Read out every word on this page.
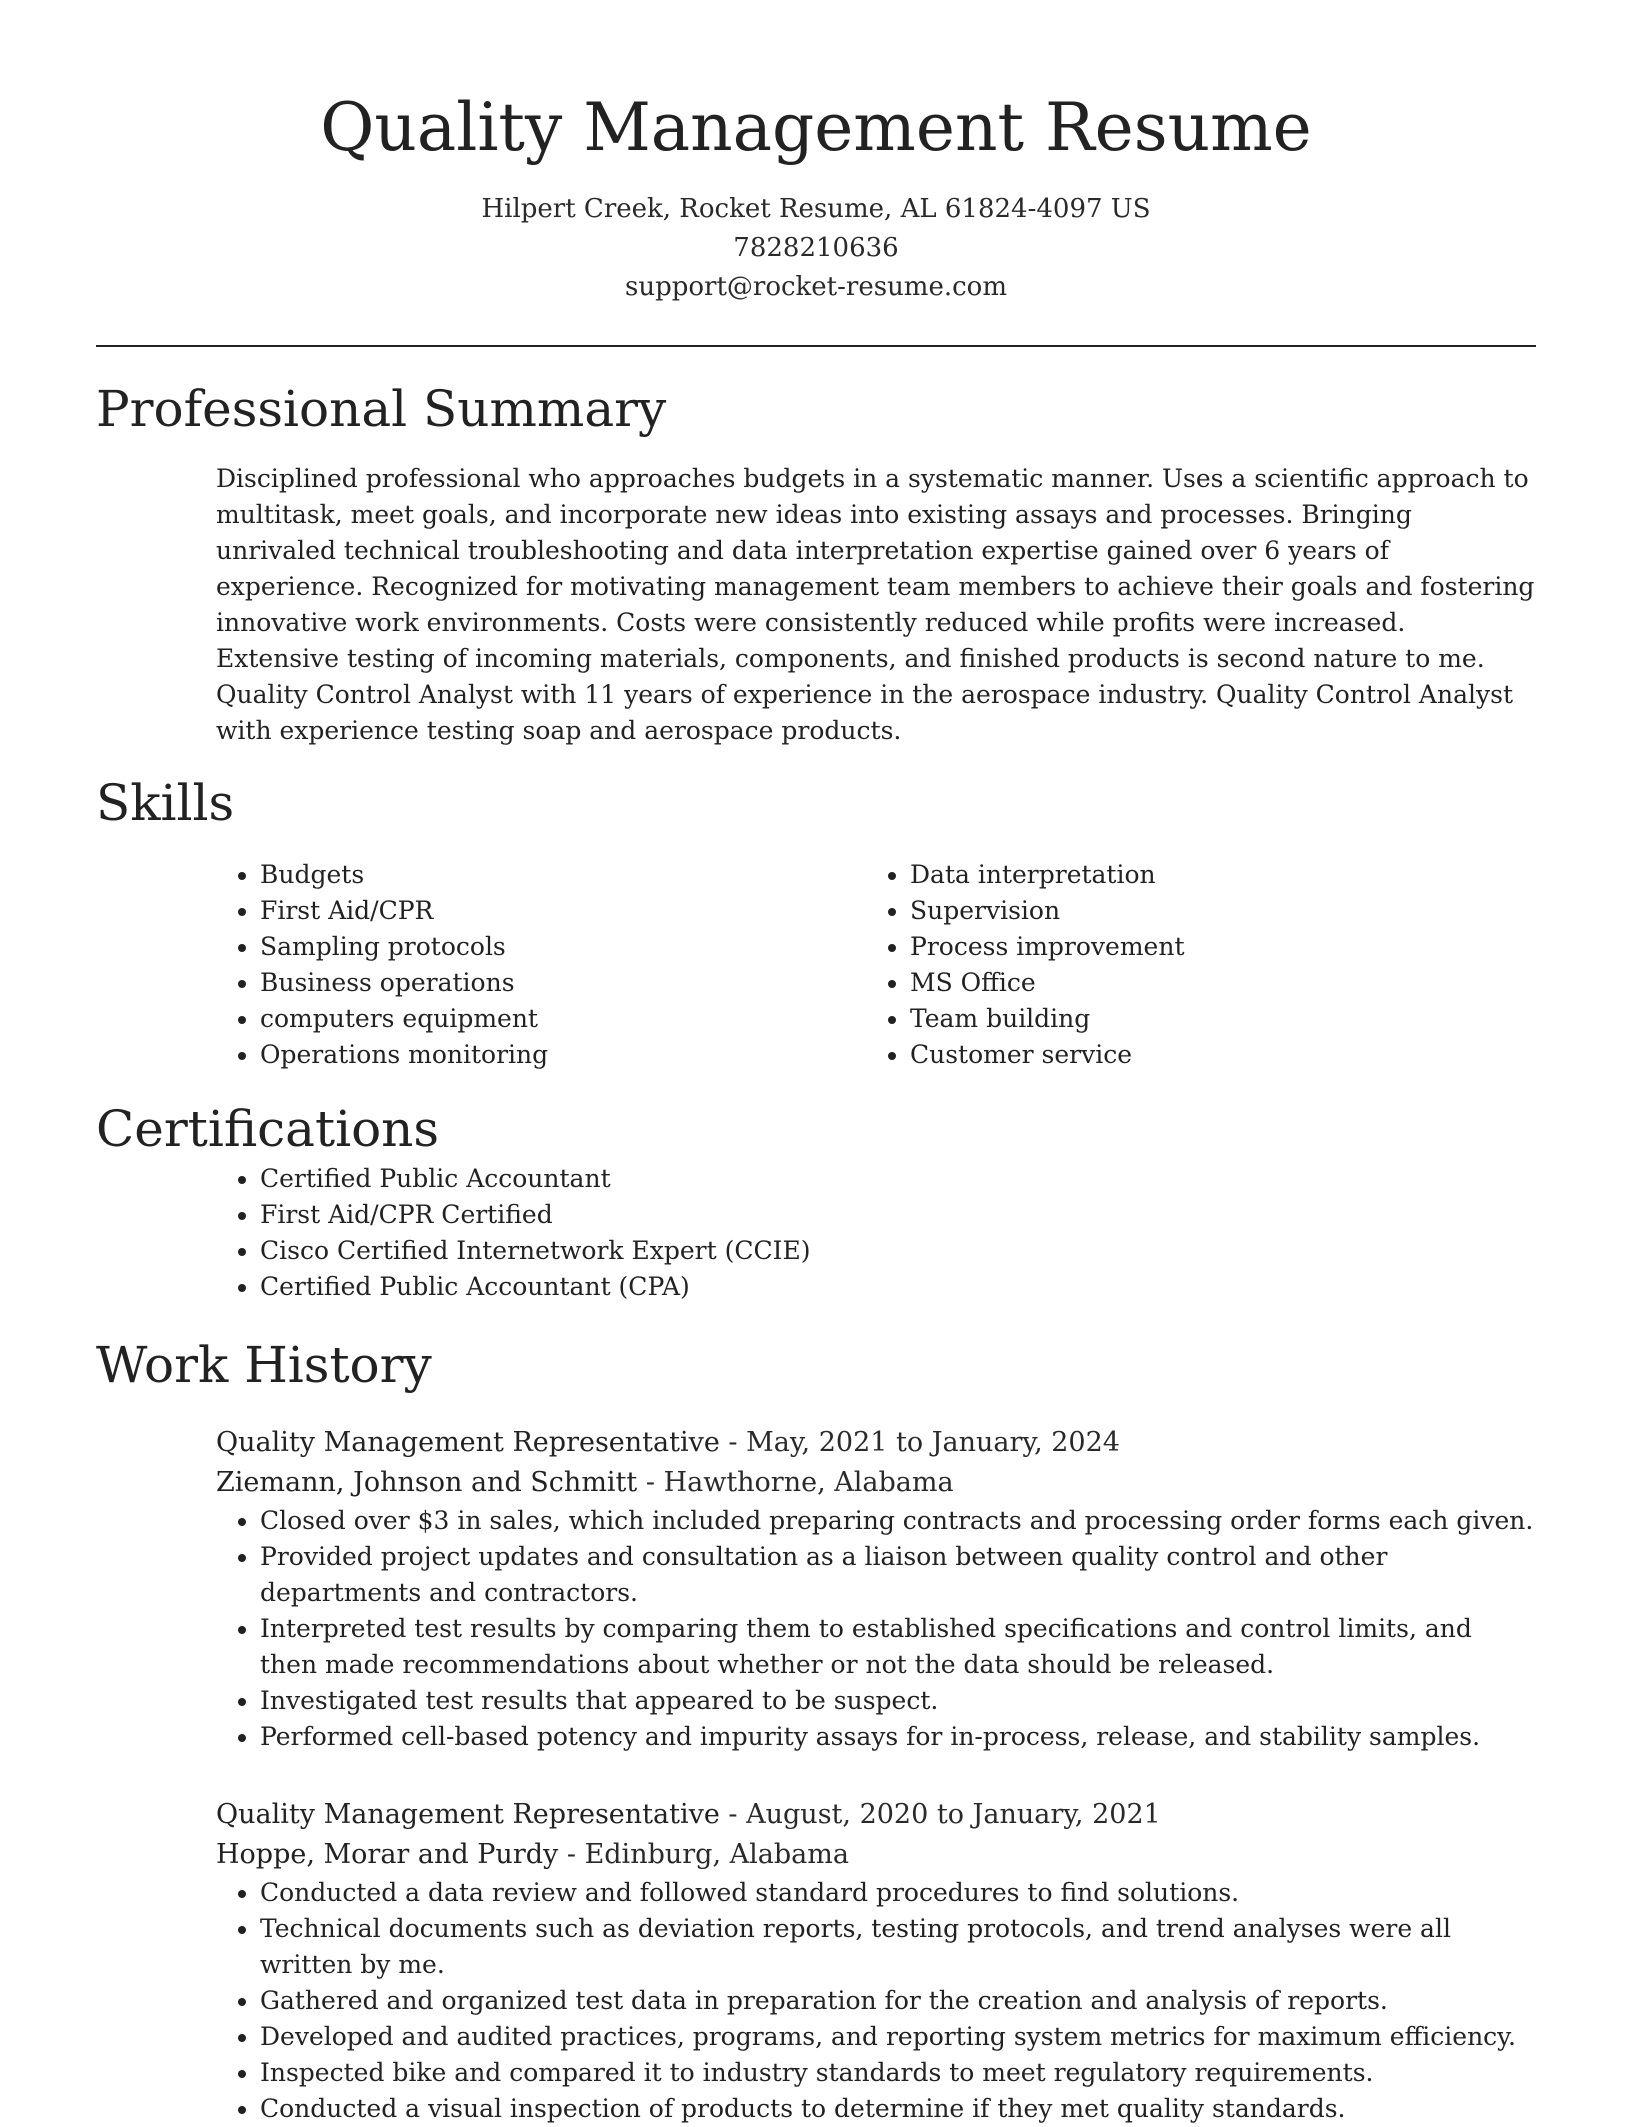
Quality Management Resume
Hilpert Creek, Rocket Resume, AL 61824-4097 US
7828210636
support@rocket-resume.com
Professional Summary

Disciplined professional who approaches budgets in a systematic manner. Uses a scientific approach to multitask, meet goals, and incorporate new ideas into existing assays and processes. Bringing unrivaled technical troubleshooting and data interpretation expertise gained over 6 years of experience. Recognized for motivating management team members to achieve their goals and fostering innovative work environments. Costs were consistently reduced while profits were increased. Extensive testing of incoming materials, components, and finished products is second nature to me. Quality Control Analyst with 11 years of experience in the aerospace industry. Quality Control Analyst with experience testing soap and aerospace products.

Skills
• Budgets
• First Aid/CPR
• Sampling protocols
• Business operations
• computers equipment
• Operations monitoring
• Data interpretation
• Supervision
• Process improvement
• MS Office
• Team building
• Customer service
Certifications
• Certified Public Accountant
• First Aid/CPR Certified
• Cisco Certified Internetwork Expert (CCIE)
• Certified Public Accountant (CPA)
Work History
Quality Management Representative - May, 2021 to January, 2024
Ziemann, Johnson and Schmitt - Hawthorne, Alabama
• Closed over $3 in sales, which included preparing contracts and processing order forms each given.
• Provided project updates and consultation as a liaison between quality control and other departments and contractors.
• Interpreted test results by comparing them to established specifications and control limits, and then made recommendations about whether or not the data should be released.
• Investigated test results that appeared to be suspect.
• Performed cell-based potency and impurity assays for in-process, release, and stability samples.
Quality Management Representative - August, 2020 to January, 2021
Hoppe, Morar and Purdy - Edinburg, Alabama
• Conducted a data review and followed standard procedures to find solutions.
• Technical documents such as deviation reports, testing protocols, and trend analyses were all written by me.
• Gathered and organized test data in preparation for the creation and analysis of reports.
• Developed and audited practices, programs, and reporting system metrics for maximum efficiency.
• Inspected bike and compared it to industry standards to meet regulatory requirements.
• Conducted a visual inspection of products to determine if they met quality standards.
